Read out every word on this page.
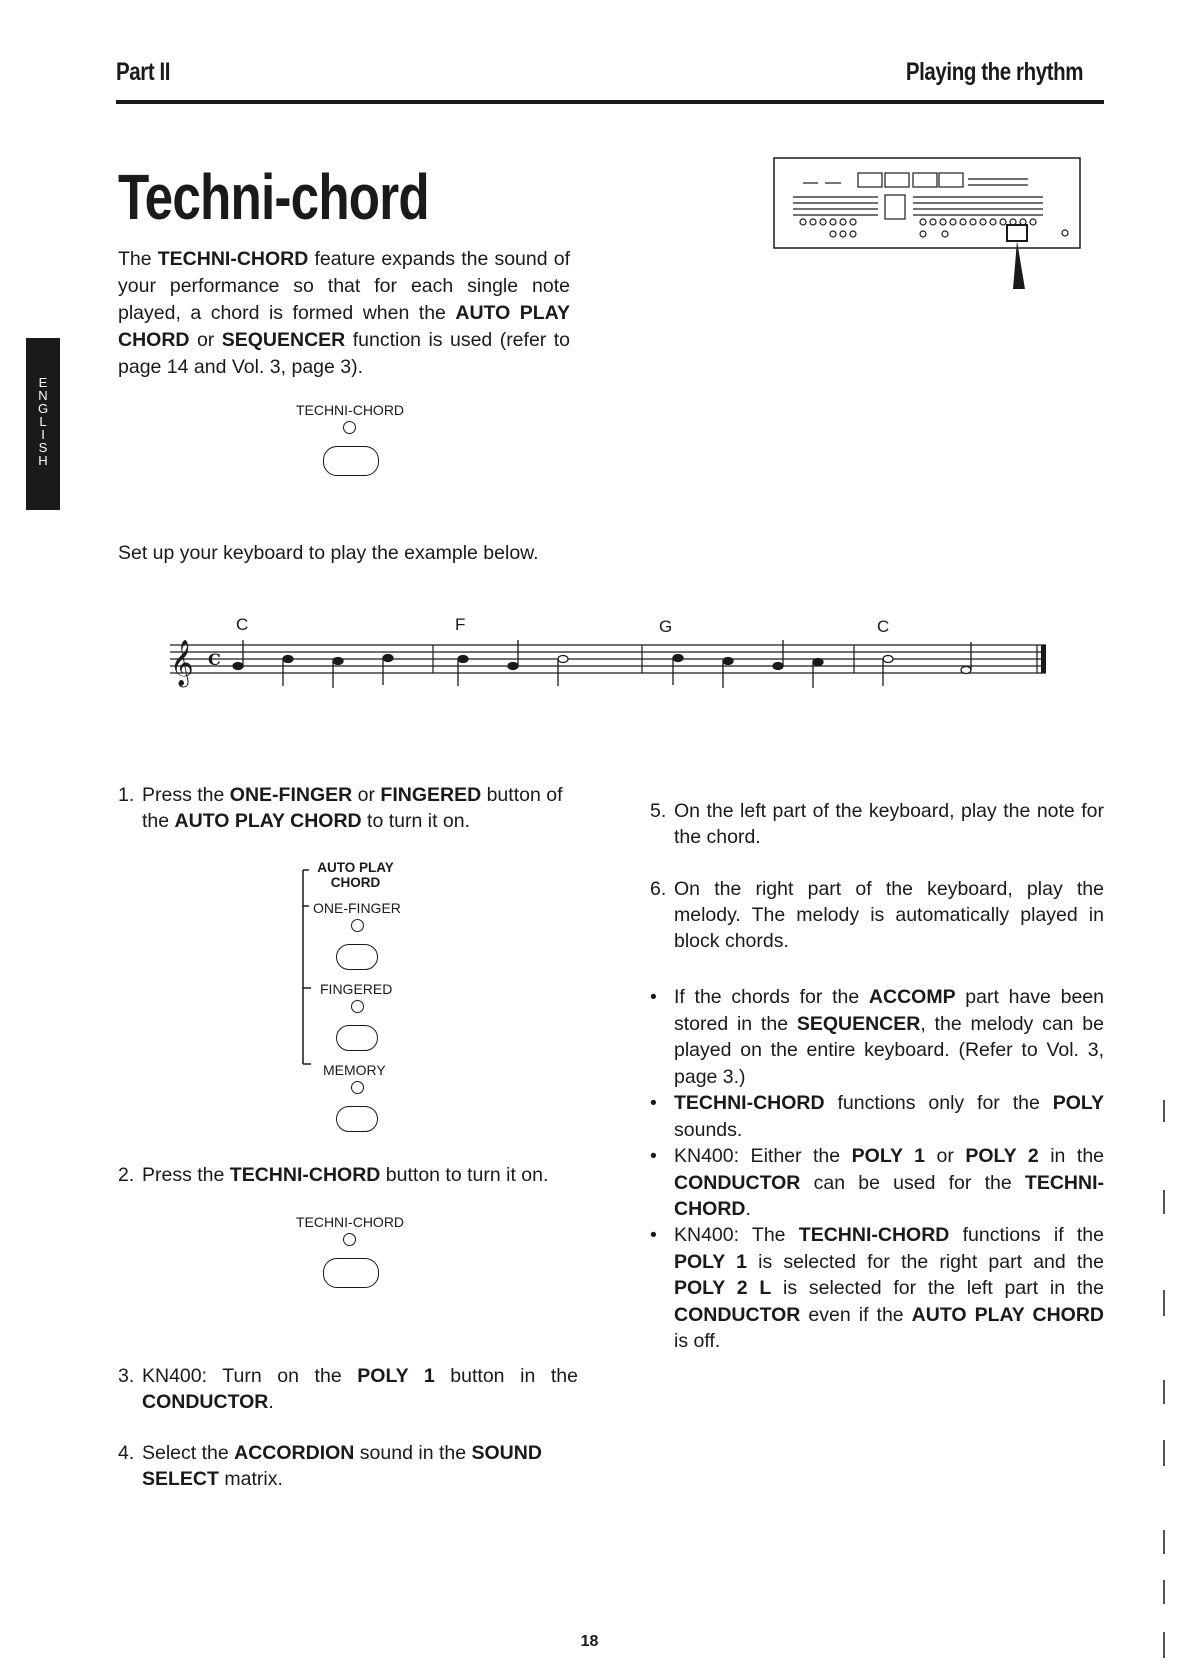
Part II	Playing the rhythm
E
N
G
L
I
S
H
Techni-chord
The TECHNI-CHORD feature expands the sound of your performance so that for each single note played, a chord is formed when the AUTO PLAY CHORD or SEQUENCER function is used (refer to page 14 and Vol. 3, page 3).
TECHNI-CHORD
Set up your keyboard to play the example below.
C	F	G	C
𝄞 C
1. Press the ONE-FINGER or FINGERED button of the AUTO PLAY CHORD to turn it on.
AUTO PLAY CHORD
ONE-FINGER
FINGERED
MEMORY
2. Press the TECHNI-CHORD button to turn it on.
TECHNI-CHORD
3. KN400: Turn on the POLY 1 button in the CONDUCTOR.
4. Select the ACCORDION sound in the SOUND SELECT matrix.
5. On the left part of the keyboard, play the note for the chord.
6. On the right part of the keyboard, play the melody. The melody is automatically played in block chords.
• If the chords for the ACCOMP part have been stored in the SEQUENCER, the melody can be played on the entire keyboard. (Refer to Vol. 3, page 3.)
• TECHNI-CHORD functions only for the POLY sounds.
• KN400: Either the POLY 1 or POLY 2 in the CONDUCTOR can be used for the TECHNI-CHORD.
• KN400: The TECHNI-CHORD functions if the POLY 1 is selected for the right part and the POLY 2 L is selected for the left part in the CONDUCTOR even if the AUTO PLAY CHORD is off.
18
